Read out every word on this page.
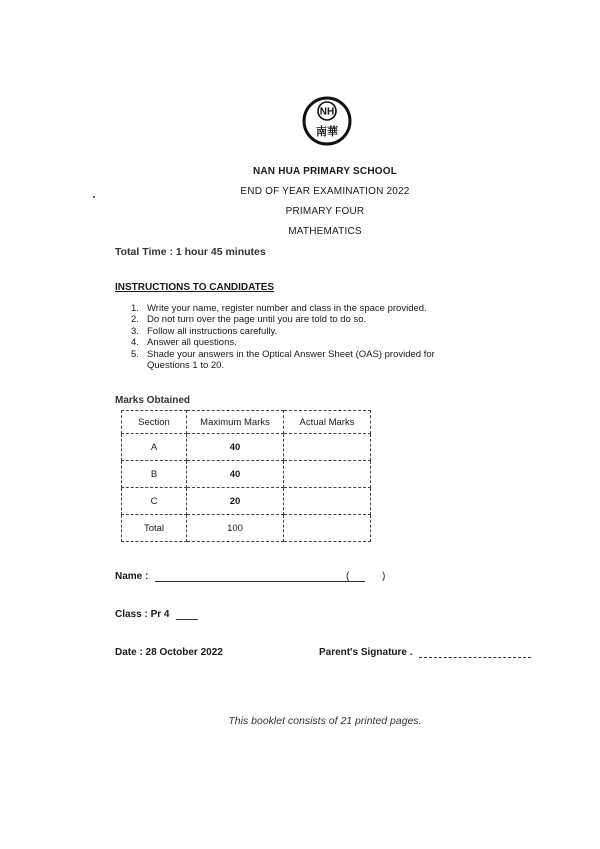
NH
南華
NAN HUA PRIMARY SCHOOL
END OF YEAR EXAMINATION 2022
PRIMARY FOUR
MATHEMATICS
Total Time : 1 hour 45 minutes
INSTRUCTIONS TO CANDIDATES
1. Write your name, register number and class in the space provided.
2. Do not turn over the page until you are told to do so.
3. Follow all instructions carefully.
4. Answer all questions.
5. Shade your answers in the Optical Answer Sheet (OAS) provided for Questions 1 to 20.
Marks Obtained
Section	Maximum Marks	Actual Marks
A	40	
B	40	
C	20	
Total	100	
Name :	(	)
Class : Pr 4
Date : 28 October 2022	Parent's Signature .
This booklet consists of 21 printed pages.
